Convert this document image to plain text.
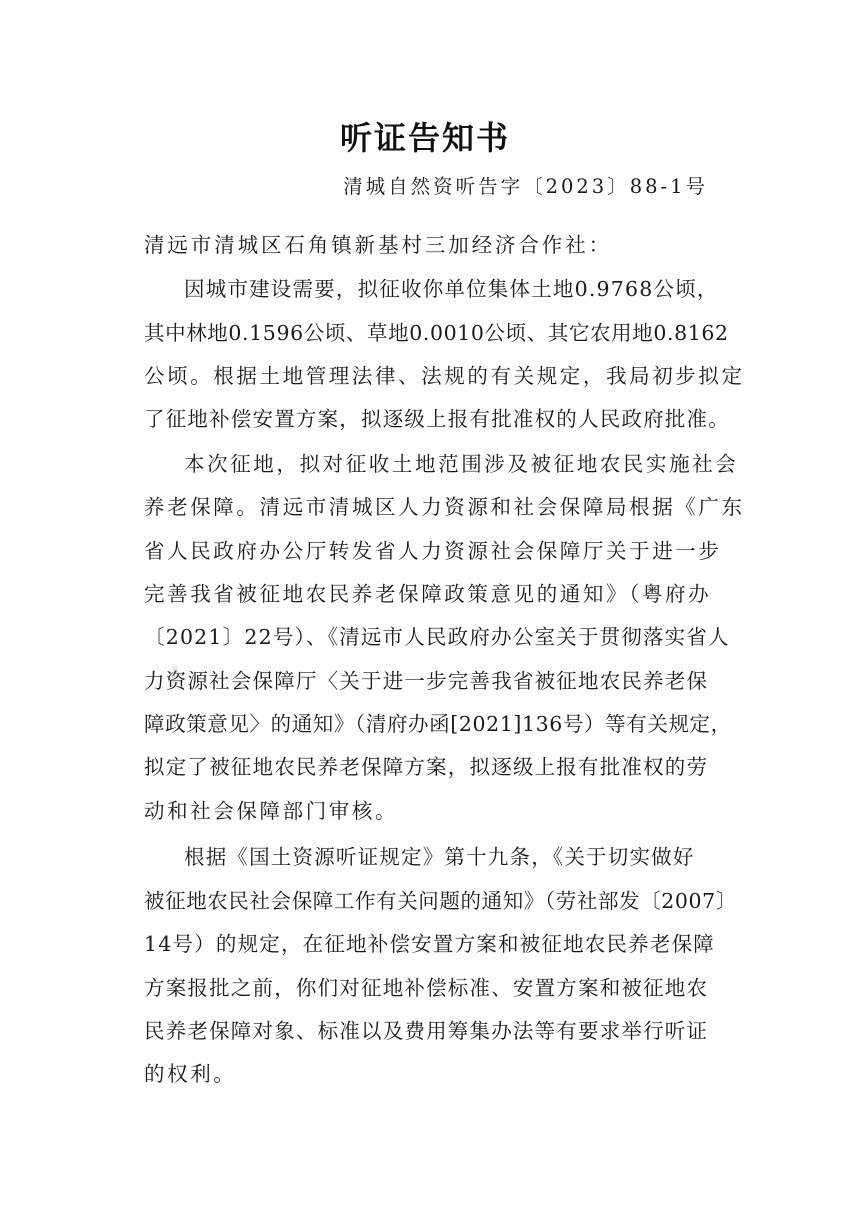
听证告知书
清城自然资听告字〔2023〕88-1号
清远市清城区石角镇新基村三加经济合作社：
因城市建设需要，拟征收你单位集体土地0.9768公顷，
其中林地0.1596公顷、草地0.0010公顷、其它农用地0.8162
公顷。根据土地管理法律、法规的有关规定，我局初步拟定
了征地补偿安置方案，拟逐级上报有批准权的人民政府批准。
本次征地，拟对征收土地范围涉及被征地农民实施社会
养老保障。清远市清城区人力资源和社会保障局根据《广东
省人民政府办公厅转发省人力资源社会保障厅关于进一步
完善我省被征地农民养老保障政策意见的通知》（粤府办
〔2021〕22号）、《清远市人民政府办公室关于贯彻落实省人
力资源社会保障厅〈关于进一步完善我省被征地农民养老保
障政策意见〉的通知》（清府办函[2021]136号）等有关规定，
拟定了被征地农民养老保障方案，拟逐级上报有批准权的劳
动和社会保障部门审核。
根据《国土资源听证规定》第十九条，《关于切实做好
被征地农民社会保障工作有关问题的通知》（劳社部发〔2007〕
14号）的规定，在征地补偿安置方案和被征地农民养老保障
方案报批之前，你们对征地补偿标准、安置方案和被征地农
民养老保障对象、标准以及费用筹集办法等有要求举行听证
的权利。
